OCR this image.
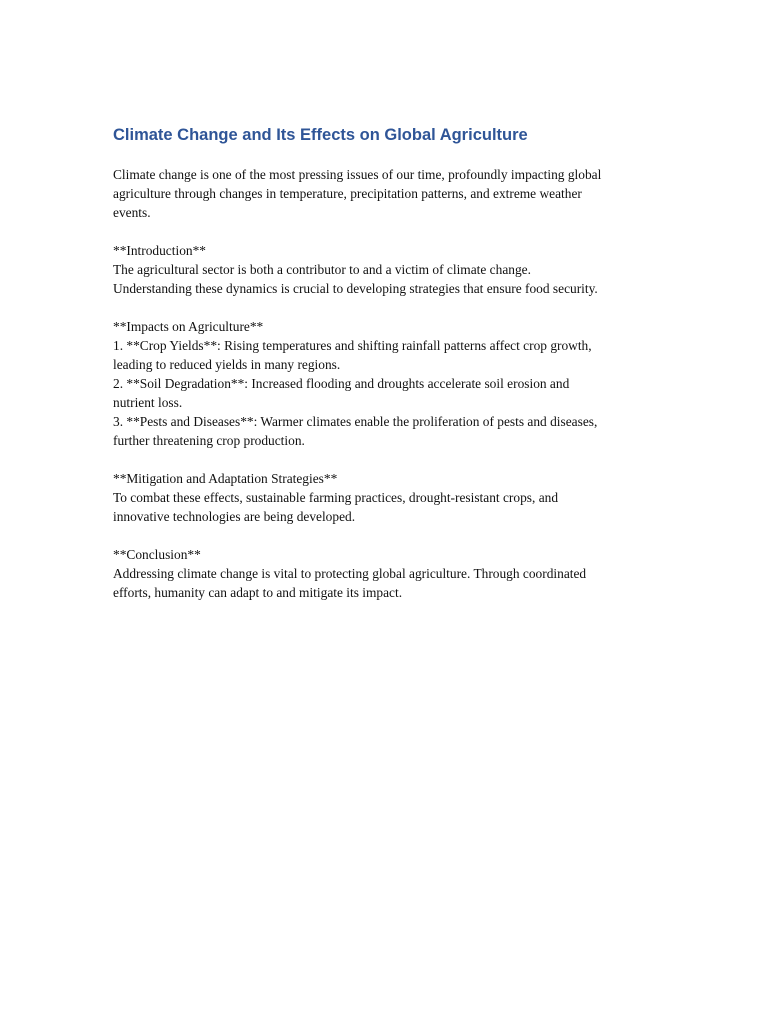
Climate Change and Its Effects on Global Agriculture

Climate change is one of the most pressing issues of our time, profoundly impacting global
agriculture through changes in temperature, precipitation patterns, and extreme weather
events.

**Introduction**
The agricultural sector is both a contributor to and a victim of climate change.
Understanding these dynamics is crucial to developing strategies that ensure food security.

**Impacts on Agriculture**
1. **Crop Yields**: Rising temperatures and shifting rainfall patterns affect crop growth,
leading to reduced yields in many regions.
2. **Soil Degradation**: Increased flooding and droughts accelerate soil erosion and
nutrient loss.
3. **Pests and Diseases**: Warmer climates enable the proliferation of pests and diseases,
further threatening crop production.

**Mitigation and Adaptation Strategies**
To combat these effects, sustainable farming practices, drought-resistant crops, and
innovative technologies are being developed.

**Conclusion**
Addressing climate change is vital to protecting global agriculture. Through coordinated
efforts, humanity can adapt to and mitigate its impact.
